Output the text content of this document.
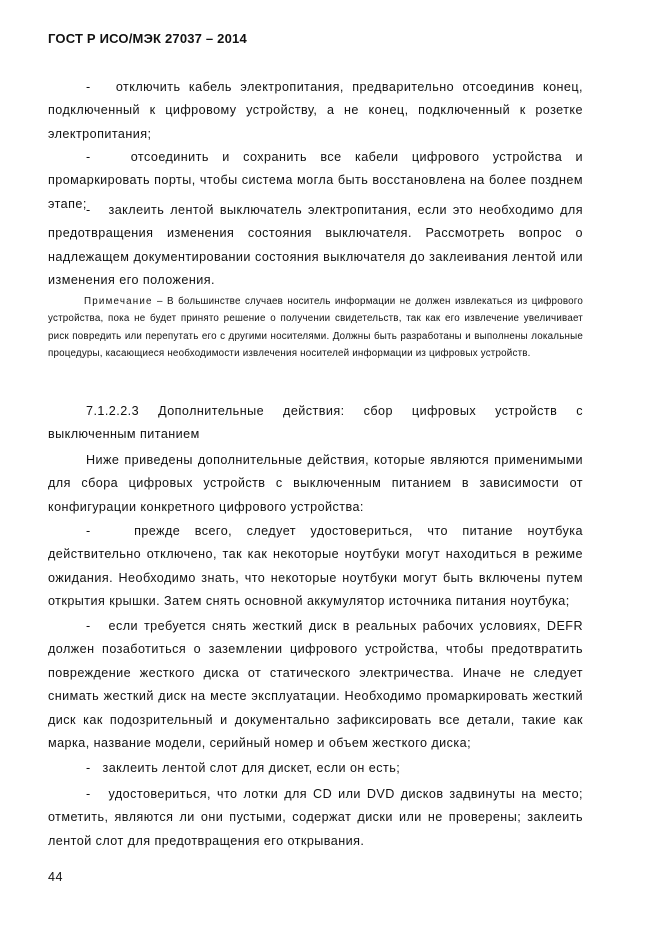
ГОСТ Р ИСО/МЭК 27037 – 2014
-   отключить кабель электропитания, предварительно отсоединив конец, подключенный к цифровому устройству, а не конец, подключенный к розетке электропитания;
-   отсоединить и сохранить все кабели цифрового устройства и промаркировать порты, чтобы система могла быть восстановлена на более позднем этапе; -   заклеить лентой выключатель электропитания, если это необходимо для предотвращения изменения состояния выключателя. Рассмотреть вопрос о надлежащем документировании состояния выключателя до заклеивания лентой или изменения его положения.
Примечание – В большинстве случаев носитель информации не должен извлекаться из цифрового устройства, пока не будет принято решение о получении свидетельств, так как его извлечение увеличивает риск повредить или перепутать его с другими носителями. Должны быть разработаны и выполнены локальные процедуры, касающиеся необходимости извлечения носителей информации из цифровых устройств.
7.1.2.2.3 Дополнительные действия: сбор цифровых устройств с выключенным питанием
Ниже приведены дополнительные действия, которые являются применимыми для сбора цифровых устройств с выключенным питанием в зависимости от конфигурации конкретного цифрового устройства:
-   прежде всего, следует удостовериться, что питание ноутбука действительно отключено, так как некоторые ноутбуки могут находиться в режиме ожидания. Необходимо знать, что некоторые ноутбуки могут быть включены путем открытия крышки. Затем снять основной аккумулятор источника питания ноутбука;
-   если требуется снять жесткий диск в реальных рабочих условиях, DEFR должен позаботиться о заземлении цифрового устройства, чтобы предотвратить повреждение жесткого диска от статического электричества. Иначе не следует снимать жесткий диск на месте эксплуатации. Необходимо промаркировать жесткий диск как подозрительный и документально зафиксировать все детали, такие как марка, название модели, серийный номер и объем жесткого диска;
-   заклеить лентой слот для дискет, если он есть;
-   удостовериться, что лотки для CD или DVD дисков задвинуты на место; отметить, являются ли они пустыми, содержат диски или не проверены; заклеить лентой слот для предотвращения его открывания.
44
